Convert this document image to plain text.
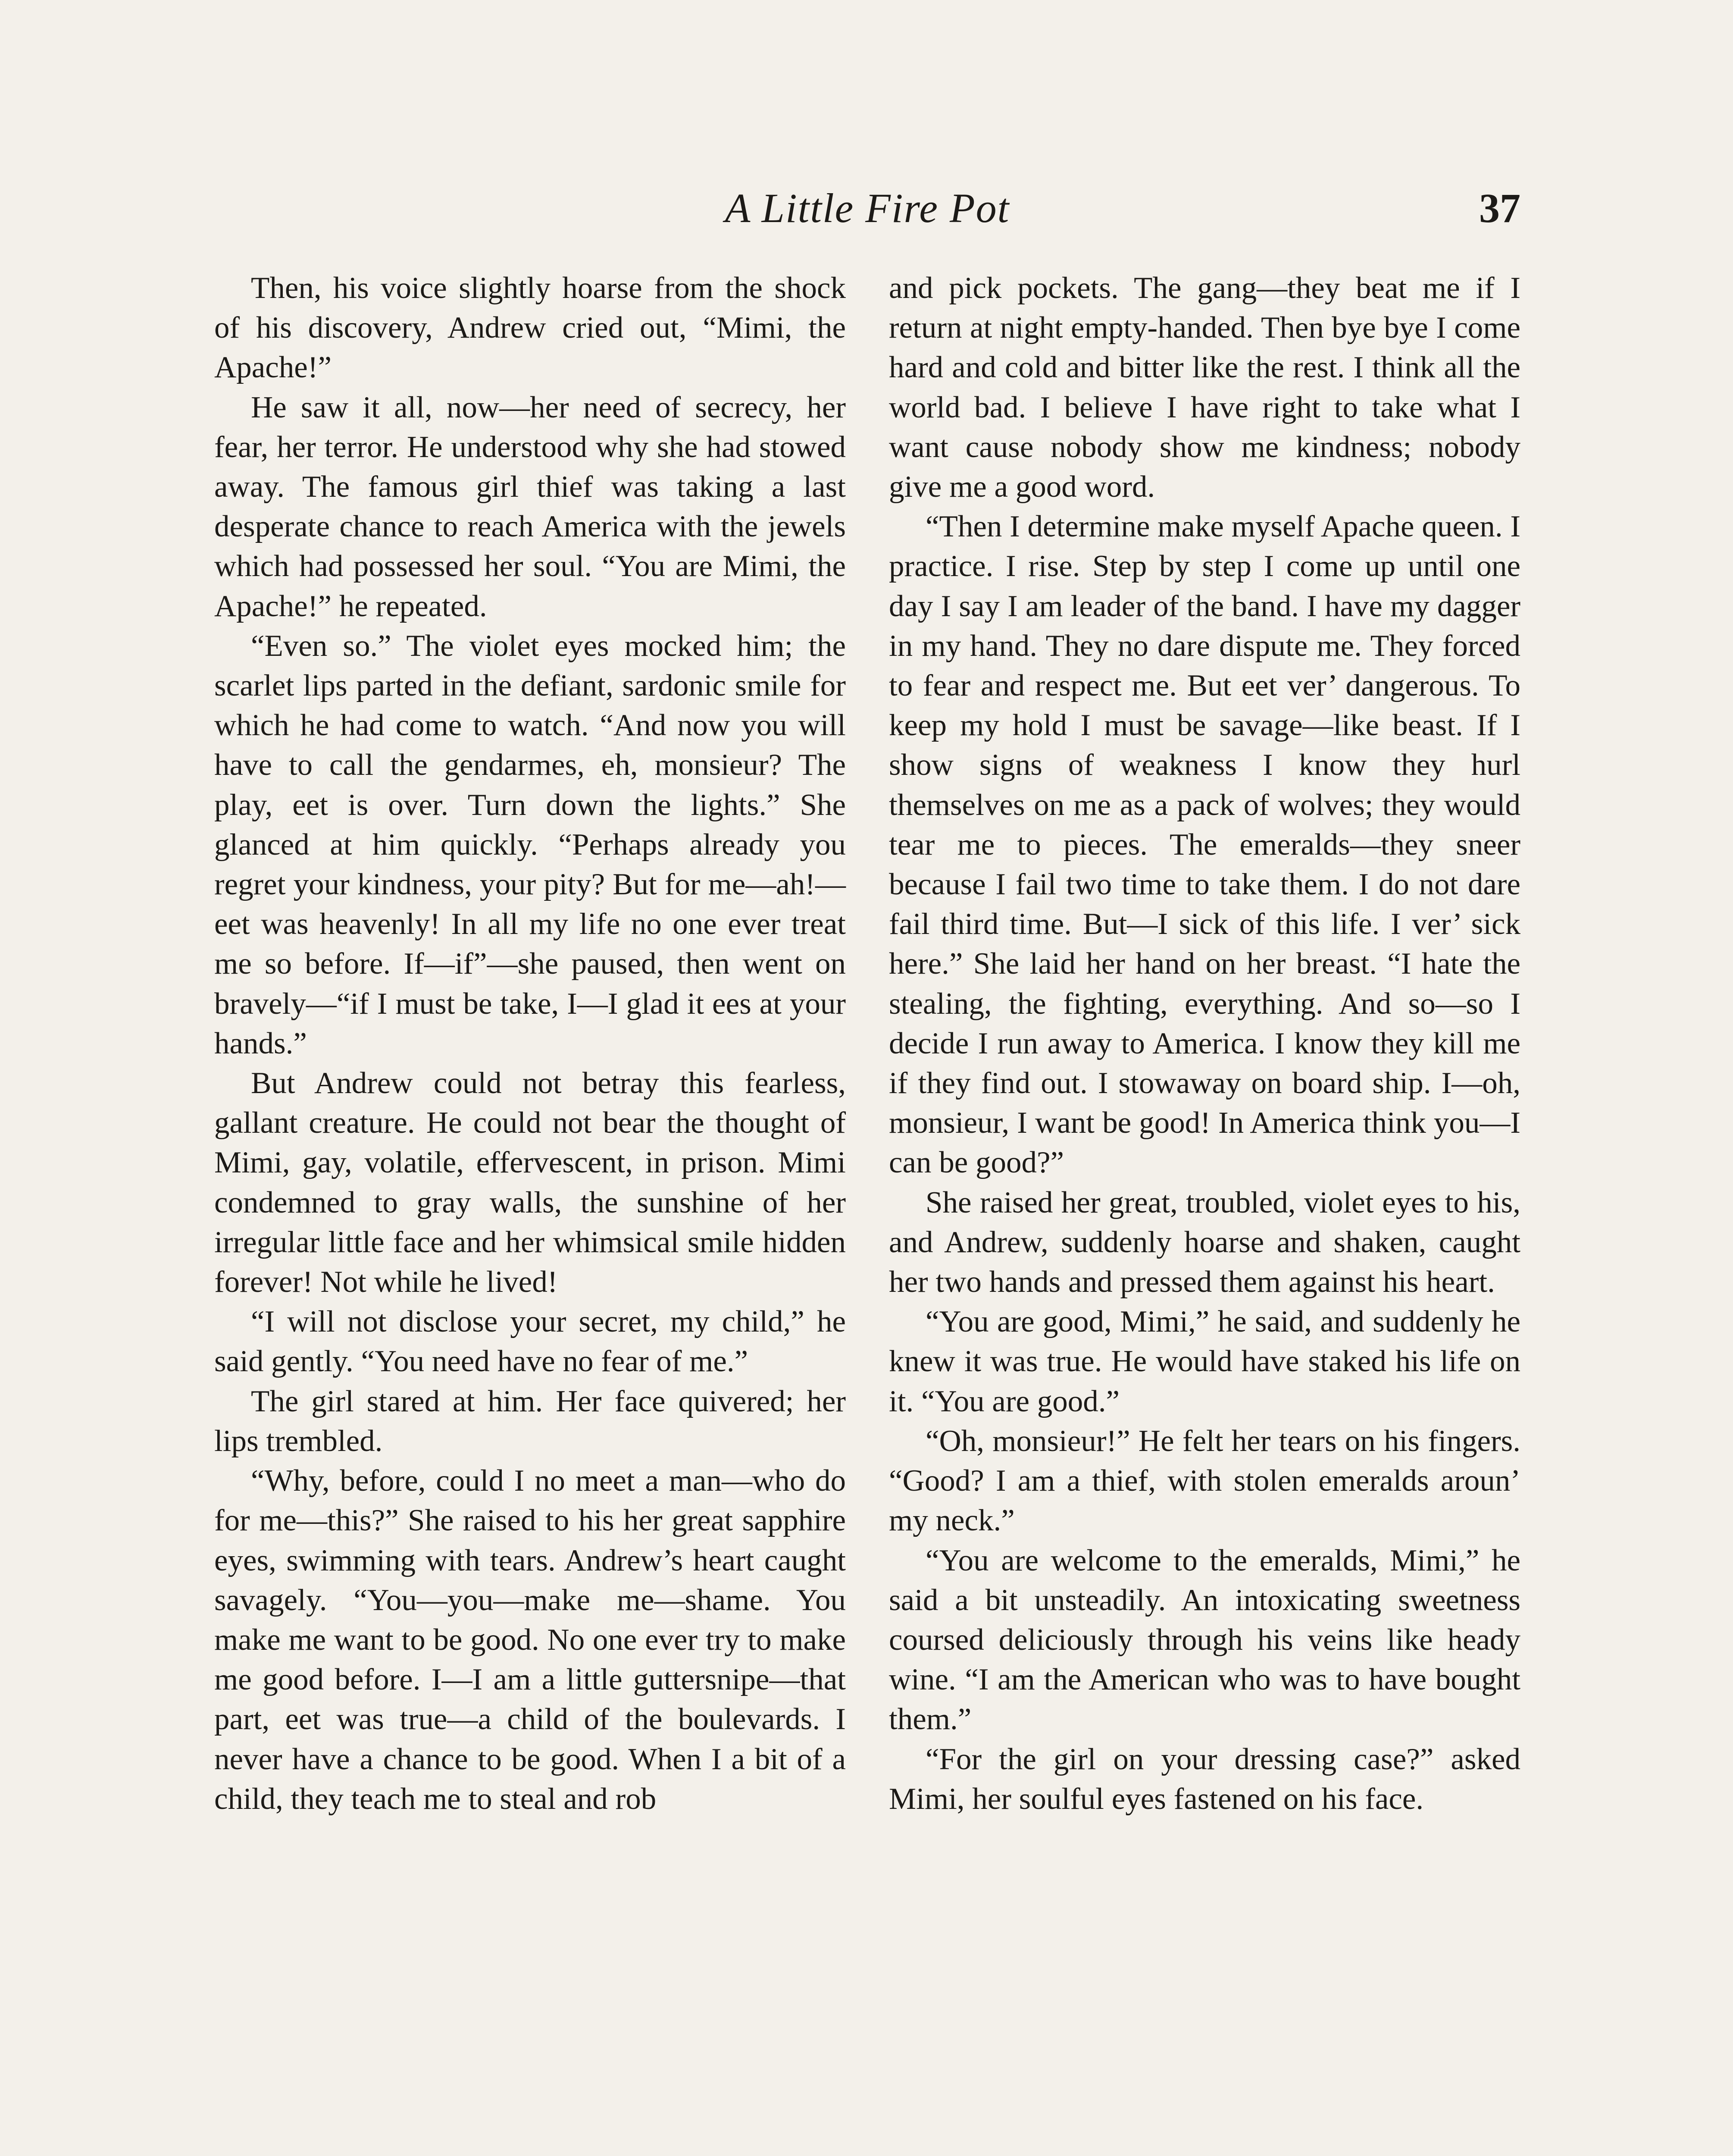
A Little Fire Pot	37

Then, his voice slightly hoarse from the shock of his discovery, Andrew cried out, “Mimi, the Apache!”

He saw it all, now—her need of secrecy, her fear, her terror. He understood why she had stowed away. The famous girl thief was taking a last desperate chance to reach America with the jewels which had possessed her soul. “You are Mimi, the Apache!” he repeated.

“Even so.” The violet eyes mocked him; the scarlet lips parted in the defiant, sardonic smile for which he had come to watch. “And now you will have to call the gendarmes, eh, monsieur? The play, eet is over. Turn down the lights.” She glanced at him quickly. “Perhaps already you regret your kindness, your pity? But for me—ah!—eet was heavenly! In all my life no one ever treat me so before. If—if”—she paused, then went on bravely—“if I must be take, I—I glad it ees at your hands.”

But Andrew could not betray this fearless, gallant creature. He could not bear the thought of Mimi, gay, volatile, effervescent, in prison. Mimi condemned to gray walls, the sunshine of her irregular little face and her whimsical smile hidden forever! Not while he lived!

“I will not disclose your secret, my child,” he said gently. “You need have no fear of me.”

The girl stared at him. Her face quivered; her lips trembled.

“Why, before, could I no meet a man—who do for me—this?” She raised to his her great sapphire eyes, swimming with tears. Andrew’s heart caught savagely. “You—you—make me—shame. You make me want to be good. No one ever try to make me good before. I—I am a little guttersnipe—that part, eet was true—a child of the boulevards. I never have a chance to be good. When I a bit of a child, they teach me to steal and rob

and pick pockets. The gang—they beat me if I return at night empty-handed. Then bye bye I come hard and cold and bitter like the rest. I think all the world bad. I believe I have right to take what I want cause nobody show me kindness; nobody give me a good word.

“Then I determine make myself Apache queen. I practice. I rise. Step by step I come up until one day I say I am leader of the band. I have my dagger in my hand. They no dare dispute me. They forced to fear and respect me. But eet ver’ dangerous. To keep my hold I must be savage—like beast. If I show signs of weakness I know they hurl themselves on me as a pack of wolves; they would tear me to pieces. The emeralds—they sneer because I fail two time to take them. I do not dare fail third time. But—I sick of this life. I ver’ sick here.” She laid her hand on her breast. “I hate the stealing, the fighting, everything. And so—so I decide I run away to America. I know they kill me if they find out. I stowaway on board ship. I—oh, monsieur, I want be good! In America think you—I can be good?”

She raised her great, troubled, violet eyes to his, and Andrew, suddenly hoarse and shaken, caught her two hands and pressed them against his heart.

“You are good, Mimi,” he said, and suddenly he knew it was true. He would have staked his life on it. “You are good.”

“Oh, monsieur!” He felt her tears on his fingers. “Good? I am a thief, with stolen emeralds aroun’ my neck.”

“You are welcome to the emeralds, Mimi,” he said a bit unsteadily. An intoxicating sweetness coursed deliciously through his veins like heady wine. “I am the American who was to have bought them.”

“For the girl on your dressing case?” asked Mimi, her soulful eyes fastened on his face.
